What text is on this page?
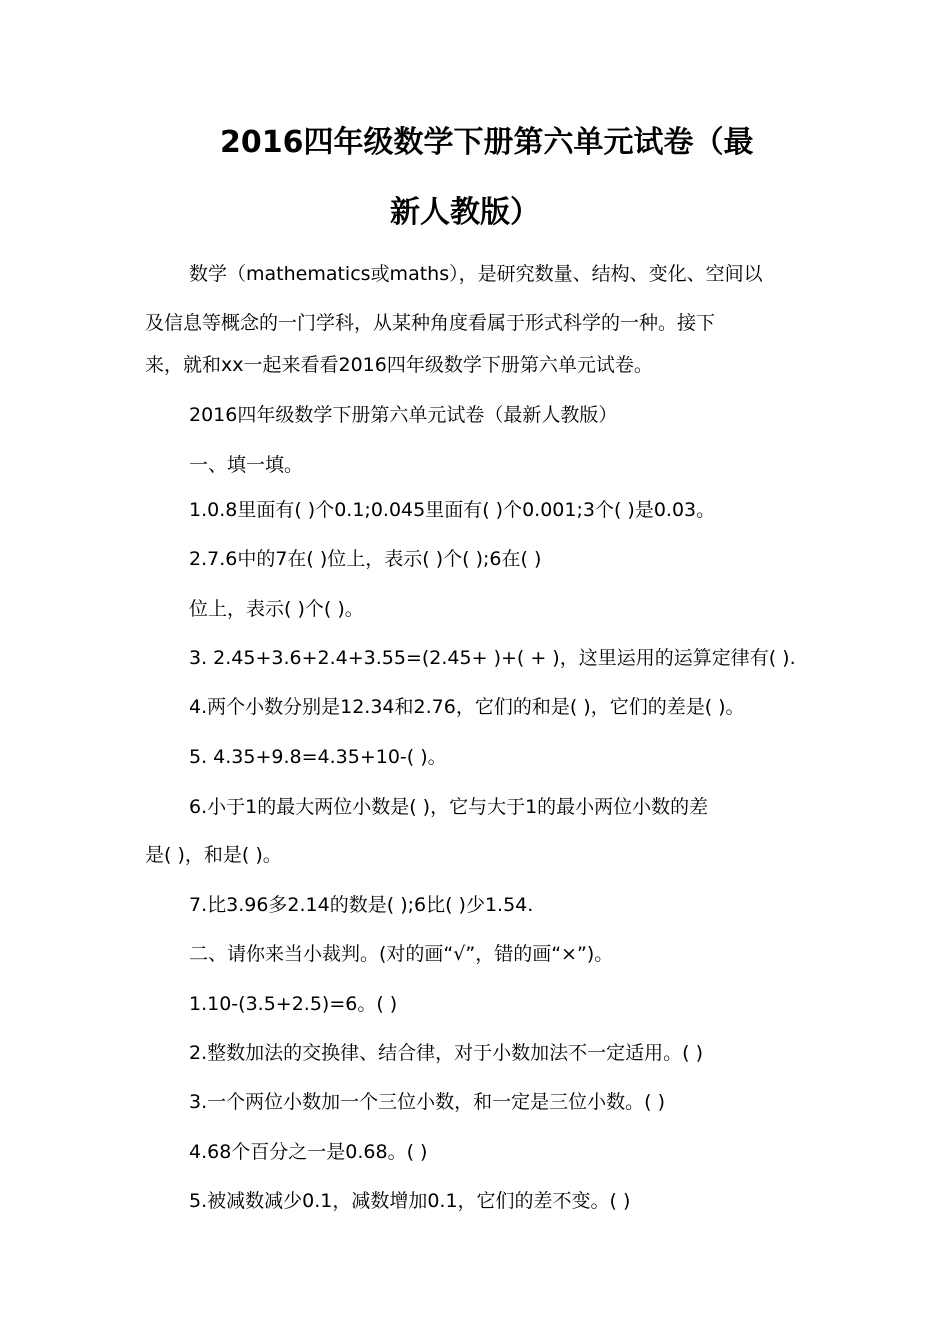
2016四年级数学下册第六单元试卷（最
新人教版）
数学（mathematics或maths），是研究数量、结构、变化、空间以
及信息等概念的一门学科，从某种角度看属于形式科学的一种。接下
来，就和xx一起来看看2016四年级数学下册第六单元试卷。
2016四年级数学下册第六单元试卷（最新人教版）
一、填一填。
1.0.8里面有( )个0.1;0.045里面有( )个0.001;3个( )是0.03。
2.7.6中的7在( )位上，表示( )个( );6在( )
位上，表示( )个( )。
3. 2.45+3.6+2.4+3.55=(2.45+ )+( + )，这里运用的运算定律有( ).
4.两个小数分别是12.34和2.76，它们的和是( )，它们的差是( )。
5. 4.35+9.8=4.35+10-( )。
6.小于1的最大两位小数是( )，它与大于1的最小两位小数的差
是( )，和是( )。
7.比3.96多2.14的数是( );6比( )少1.54.
二、请你来当小裁判。(对的画“√”，错的画“×”)。
1.10-(3.5+2.5)=6。( )
2.整数加法的交换律、结合律，对于小数加法不一定适用。( )
3.一个两位小数加一个三位小数，和一定是三位小数。( )
4.68个百分之一是0.68。( )
5.被减数减少0.1，减数增加0.1，它们的差不变。( )
